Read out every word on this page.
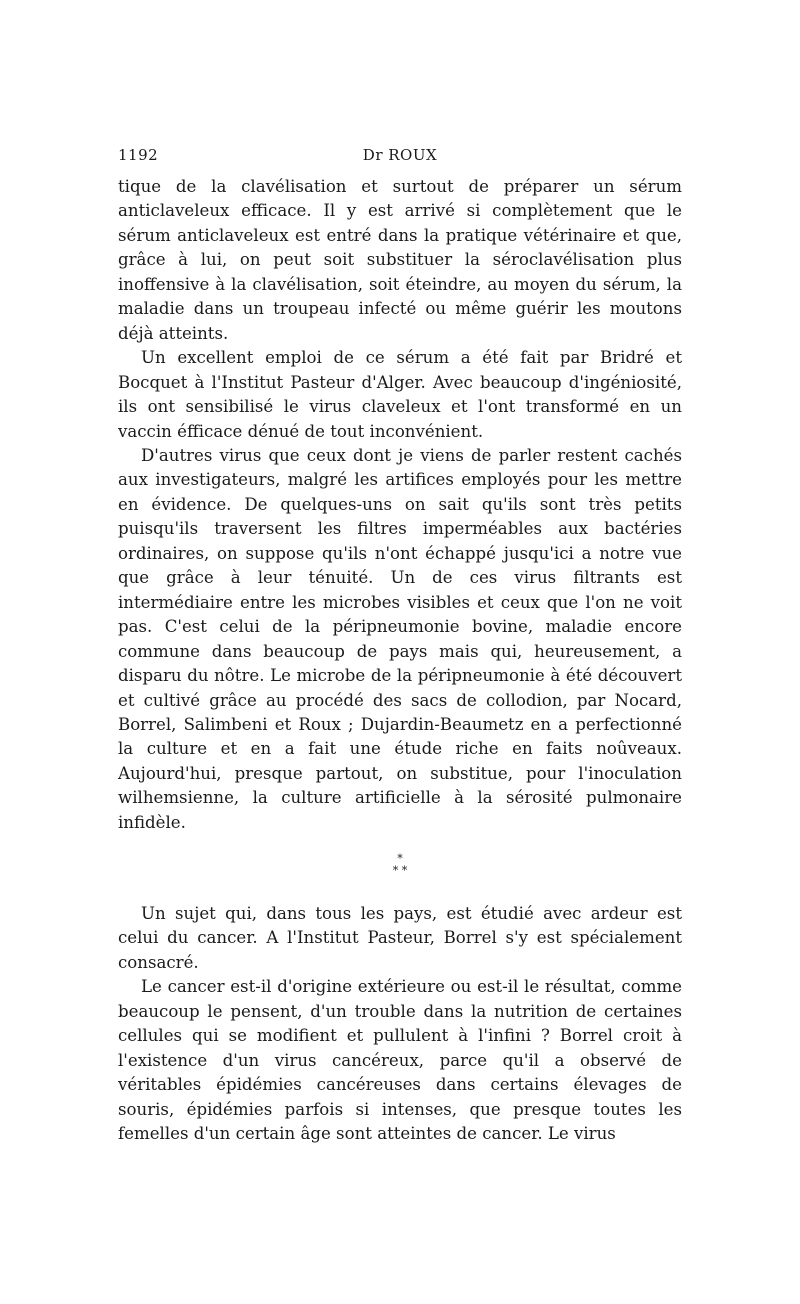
1192	Dr ROUX

tique de la clavélisation et surtout de préparer un sérum anticlaveleux efficace. Il y est arrivé si complètement que le sérum anticlaveleux est entré dans la pratique vétérinaire et que, grâce à lui, on peut soit substituer la séroclavélisation plus inoffensive à la clavélisation, soit éteindre, au moyen du sérum, la maladie dans un troupeau infecté ou même guérir les moutons déjà atteints.

Un excellent emploi de ce sérum a été fait par Bridré et Bocquet à l'Institut Pasteur d'Alger. Avec beaucoup d'ingéniosité, ils ont sensibilisé le virus claveleux et l'ont transformé en un vaccin éfficace dénué de tout inconvénient.

D'autres virus que ceux dont je viens de parler restent cachés aux investigateurs, malgré les artifices employés pour les mettre en évidence. De quelques-uns on sait qu'ils sont très petits puisqu'ils traversent les filtres imperméables aux bactéries ordinaires, on suppose qu'ils n'ont échappé jusqu'ici a notre vue que grâce à leur ténuité. Un de ces virus filtrants est intermédiaire entre les microbes visibles et ceux que l'on ne voit pas. C'est celui de la péripneumonie bovine, maladie encore commune dans beaucoup de pays mais qui, heureusement, a disparu du nôtre. Le microbe de la péripneumonie à été découvert et cultivé grâce au procédé des sacs de collodion, par Nocard, Borrel, Salimbeni et Roux ; Dujardin-Beaumetz en a perfectionné la culture et en a fait une étude riche en faits noûveaux. Aujourd'hui, presque partout, on substitue, pour l'inoculation wilhemsienne, la culture artificielle à la sérosité pulmonaire infidèle.

*
* *

Un sujet qui, dans tous les pays, est étudié avec ardeur est celui du cancer. A l'Institut Pasteur, Borrel s'y est spécialement consacré.

Le cancer est-il d'origine extérieure ou est-il le résultat, comme beaucoup le pensent, d'un trouble dans la nutrition de certaines cellules qui se modifient et pullulent à l'infini ? Borrel croit à l'existence d'un virus cancéreux, parce qu'il a observé de véritables épidémies cancéreuses dans certains élevages de souris, épidémies parfois si intenses, que presque toutes les femelles d'un certain âge sont atteintes de cancer. Le virus
